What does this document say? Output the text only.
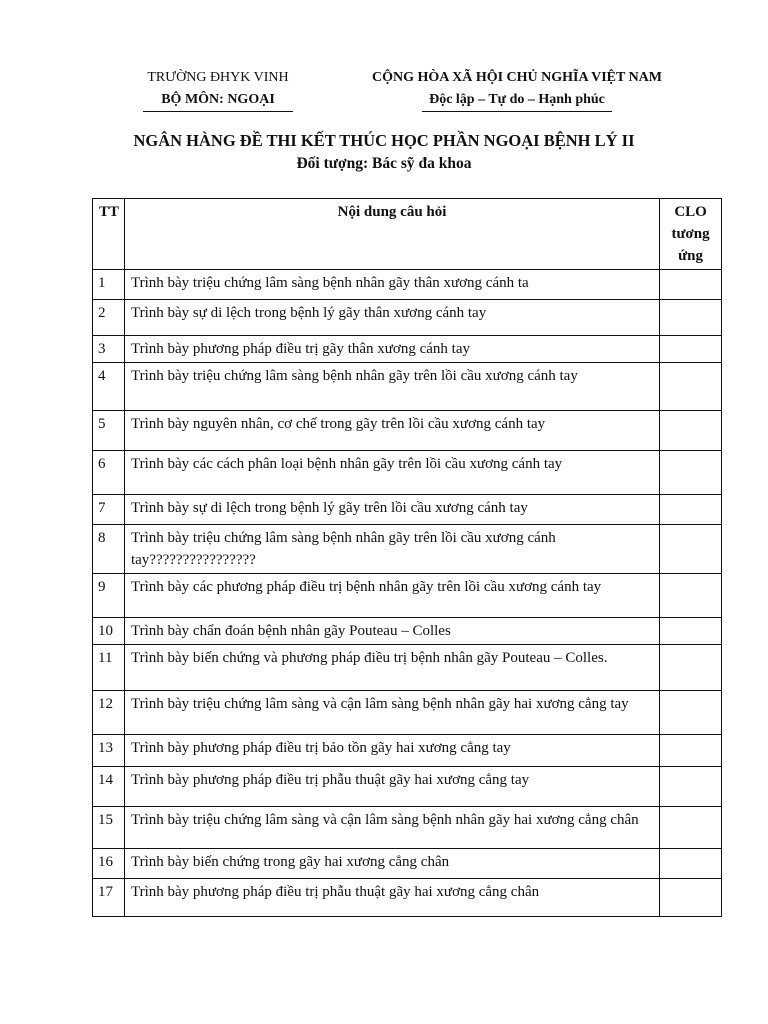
TRƯỜNG ĐHYK VINH
BỘ MÔN: NGOẠI
CỘNG HÒA XÃ HỘI CHỦ NGHĨA VIỆT NAM
Độc lập – Tự do – Hạnh phúc
NGÂN HÀNG ĐỀ THI KẾT THÚC HỌC PHẦN NGOẠI BỆNH LÝ II
Đối tượng: Bác sỹ đa khoa
TT	Nội dung câu hỏi	CLO tương ứng
1	Trình bày triệu chứng lâm sàng bệnh nhân gãy thân xương cánh ta	
2	Trình bày sự di lệch trong bệnh lý gãy thân xương cánh tay	
3	Trình bày phương pháp điều trị gãy thân xương cánh tay	
4	Trình bày triệu chứng lâm sàng bệnh nhân gãy trên lồi cầu xương cánh tay	
5	Trình bày nguyên nhân, cơ chế trong gãy trên lồi cầu xương cánh tay	
6	Trình bày các cách phân loại bệnh nhân gãy trên lồi cầu xương cánh tay	
7	Trình bày sự di lệch trong bệnh lý gãy trên lồi cầu xương cánh tay	
8	Trình bày triệu chứng lâm sàng bệnh nhân gãy trên lồi cầu xương cánh tay????????????????	
9	Trình bày các phương pháp điều trị bệnh nhân gãy trên lồi cầu xương cánh tay	
10	Trình bày chẩn đoán bệnh nhân gãy Pouteau – Colles	
11	Trình bày biến chứng và phương pháp điều trị bệnh nhân gãy Pouteau – Colles.	
12	Trình bày triệu chứng lâm sàng và cận lâm sàng bệnh nhân gãy hai xương cẳng tay	
13	Trình bày phương pháp điều trị bảo tồn gãy hai xương cẳng tay	
14	Trình bày phương pháp điều trị phẫu thuật gãy hai xương cẳng tay	
15	Trình bày triệu chứng lâm sàng và cận lâm sàng bệnh nhân gãy hai xương cẳng chân	
16	Trình bày biến chứng trong gãy hai xương cẳng chân	
17	Trình bày phương pháp điều trị phẫu thuật gãy hai xương cẳng chân	
